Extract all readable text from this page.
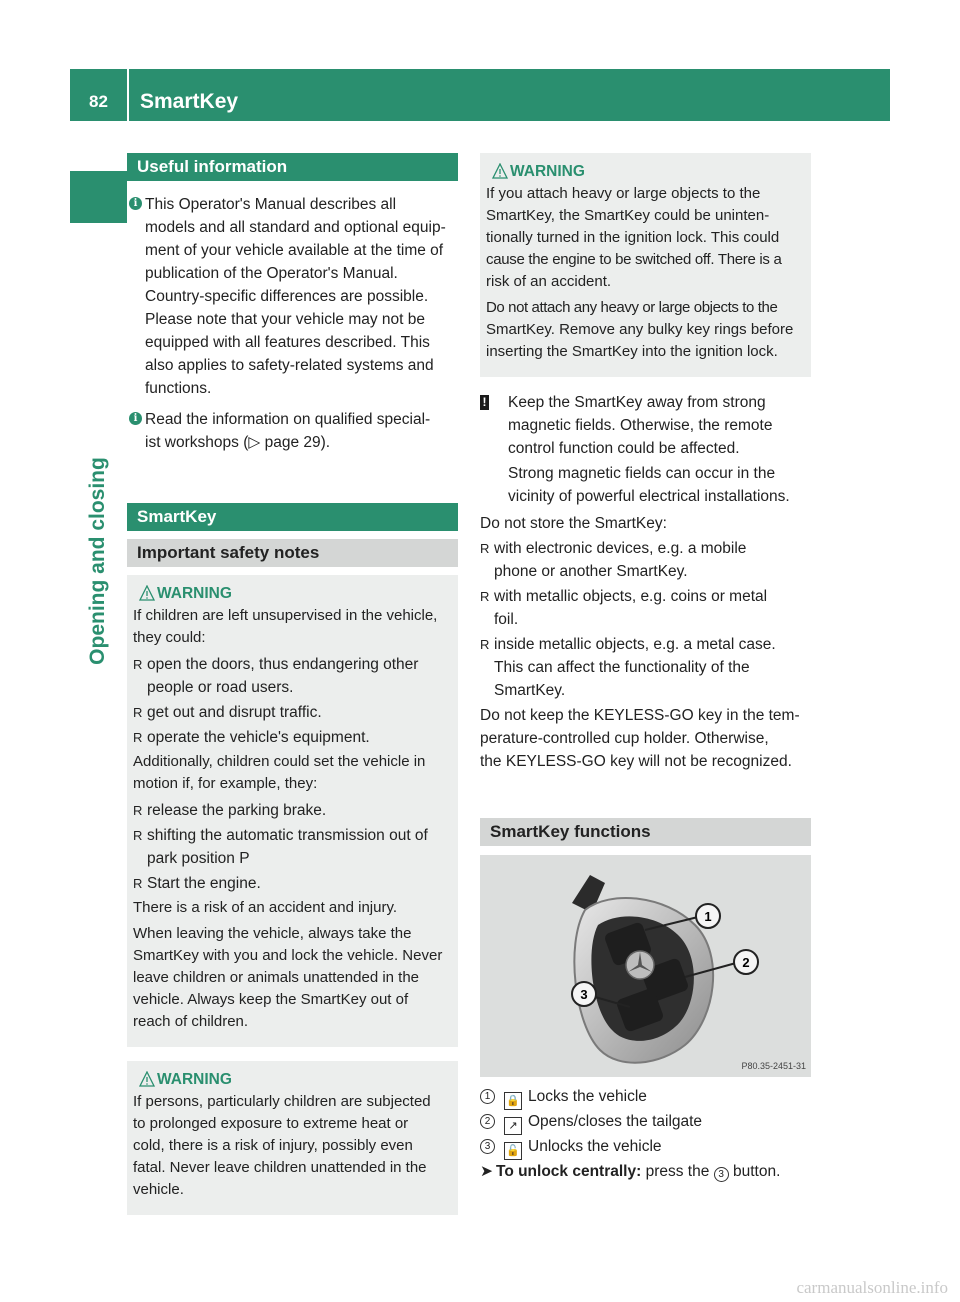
82	SmartKey
Opening and closing
Useful information
i This Operator's Manual describes all
models and all standard and optional equip-
ment of your vehicle available at the time of
publication of the Operator's Manual.
Country-specific differences are possible.
Please note that your vehicle may not be
equipped with all features described. This
also applies to safety-related systems and
functions.
i Read the information on qualified special-
ist workshops (▷ page 29).
SmartKey
Important safety notes
WARNING

If children are left unsupervised in the vehicle,
they could:

R open the doors, thus endangering other
people or road users.
R get out and disrupt traffic.
R operate the vehicle's equipment.

Additionally, children could set the vehicle in
motion if, for example, they:

R release the parking brake.
R shifting the automatic transmission out of
park position P
R Start the engine.

There is a risk of an accident and injury.

When leaving the vehicle, always take the
SmartKey with you and lock the vehicle. Never
leave children or animals unattended in the
vehicle. Always keep the SmartKey out of
reach of children.

WARNING

If persons, particularly children are subjected
to prolonged exposure to extreme heat or
cold, there is a risk of injury, possibly even
fatal. Never leave children unattended in the
vehicle.

WARNING

If you attach heavy or large objects to the
SmartKey, the SmartKey could be uninten-
tionally turned in the ignition lock. This could
cause the engine to be switched off. There is a
risk of an accident.

Do not attach any heavy or large objects to the
SmartKey. Remove any bulky key rings before
inserting the SmartKey into the ignition lock.

! Keep the SmartKey away from strong
magnetic fields. Otherwise, the remote
control function could be affected.
Strong magnetic fields can occur in the
vicinity of powerful electrical installations.

Do not store the SmartKey:

R with electronic devices, e.g. a mobile
phone or another SmartKey.
R with metallic objects, e.g. coins or metal
foil.
R inside metallic objects, e.g. a metal case.
This can affect the functionality of the
SmartKey.

Do not keep the KEYLESS-GO key in the tem-
perature-controlled cup holder. Otherwise,
the KEYLESS-GO key will not be recognized.

SmartKey functions
1
2
3
P80.35-2451-31
1	🔒 Locks the vehicle
2	↗ Opens/closes the tailgate
3	🔓 Unlocks the vehicle
➤ To unlock centrally: press the 3 button.
carmanualsonline.info
